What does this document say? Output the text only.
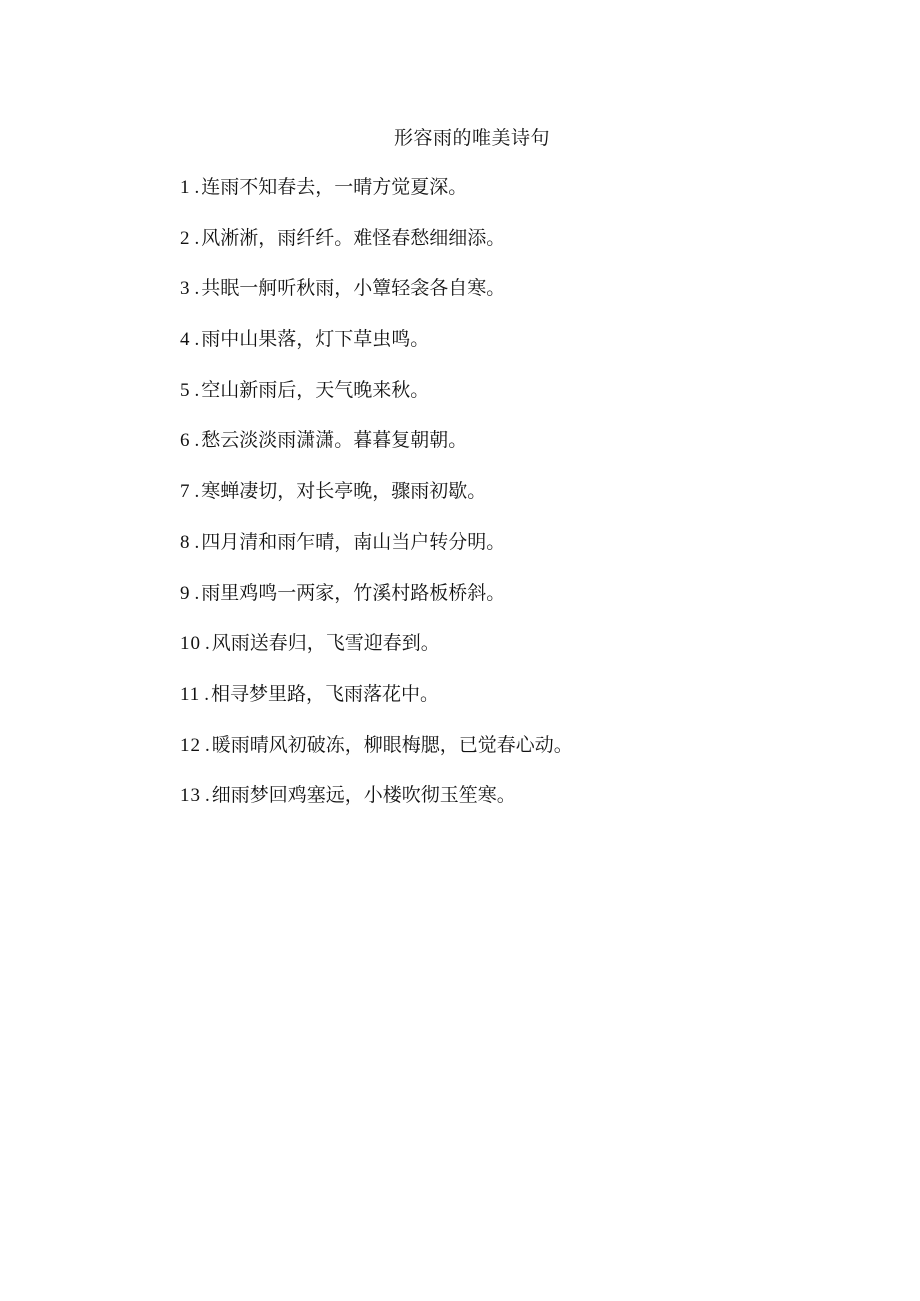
形容雨的唯美诗句
1 . 连雨不知春去，一晴方觉夏深。
2 . 风淅淅，雨纤纤。难怪春愁细细添。
3 . 共眠一舸听秋雨，小簟轻衾各自寒。
4 . 雨中山果落，灯下草虫鸣。
5 . 空山新雨后，天气晚来秋。
6 . 愁云淡淡雨潇潇。暮暮复朝朝。
7 . 寒蝉凄切，对长亭晚，骤雨初歇。
8 . 四月清和雨乍晴，南山当户转分明。
9 . 雨里鸡鸣一两家，竹溪村路板桥斜。
10 . 风雨送春归，飞雪迎春到。
11 . 相寻梦里路，飞雨落花中。
12 . 暖雨晴风初破冻，柳眼梅腮，已觉春心动。
13 . 细雨梦回鸡塞远，小楼吹彻玉笙寒。
